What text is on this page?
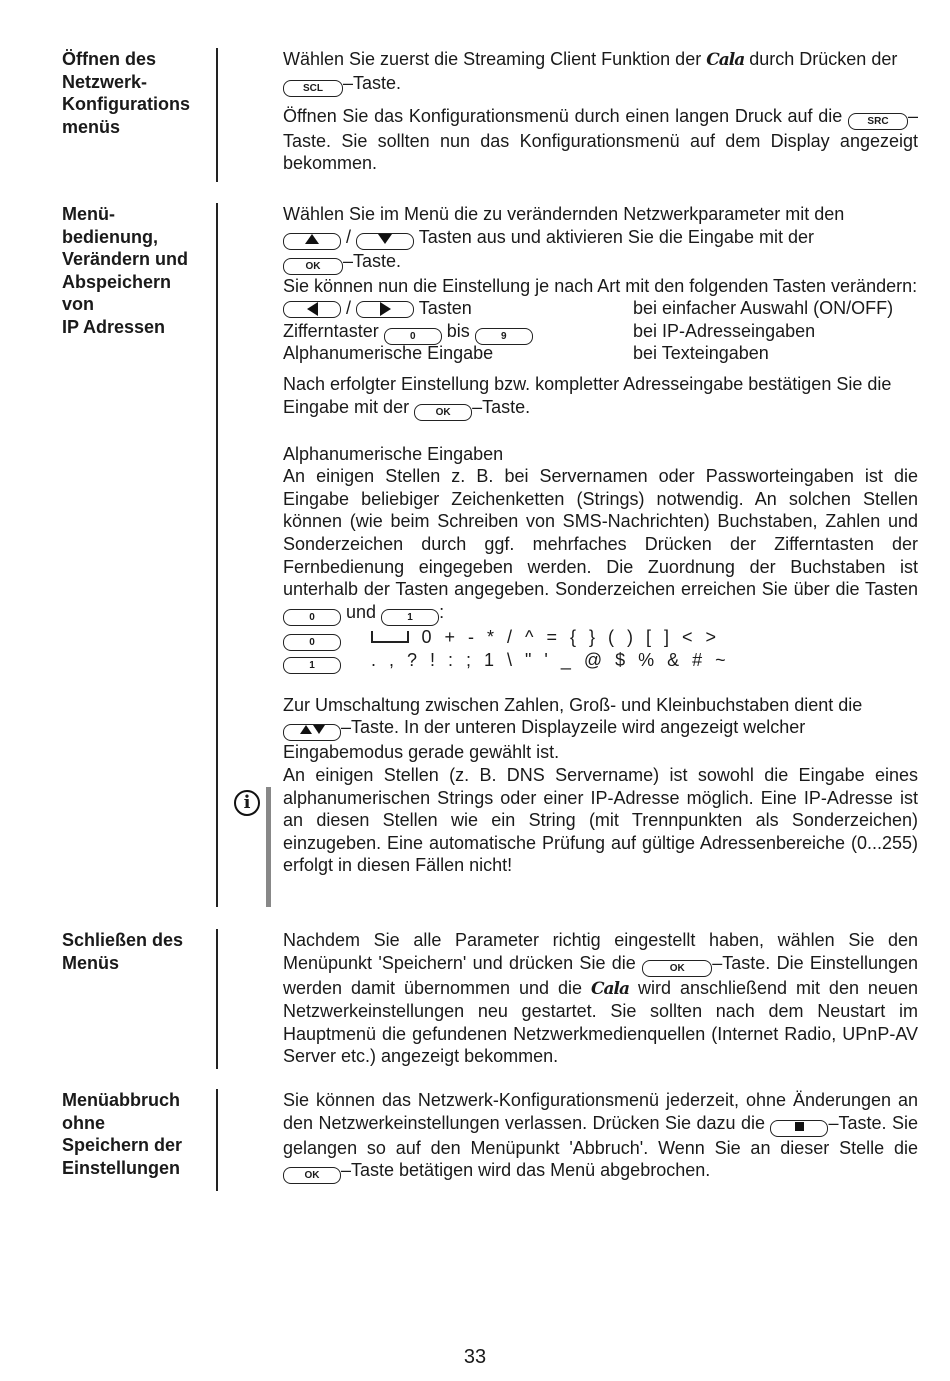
Öffnen des
Netzwerk-
Konfigurations
menüs

Wählen Sie zuerst die Streaming Client Funktion der Cala durch Drücken der
SCL –Taste.

Öffnen Sie das Konfigurationsmenü durch einen langen Druck auf die	SRC –Taste. Sie sollten nun das Konfigurationsmenü auf dem Display angezeigt bekommen.

Menü-
bedienung,
Verändern und
Abspeichern
von
IP Adressen

Wählen Sie im Menü die zu verändernden Netzwerkparameter mit den
/	Tasten aus und aktivieren Sie die Eingabe mit der
OK –Taste.
Sie können nun die Einstellung je nach Art mit den folgenden Tasten verändern:

/	Tasten	bei einfacher Auswahl (ON/OFF)
Zifferntaster	0 bis	9	bei IP-Adresseingaben
Alphanumerische Eingabe	bei Texteingaben

Nach erfolgter Einstellung bzw. kompletter Adresseingabe bestätigen Sie die Eingabe mit der	OK –Taste.

Alphanumerische Eingaben

An einigen Stellen z. B. bei Servernamen oder Passworteingaben ist die Eingabe beliebiger Zeichenketten (Strings) notwendig. An solchen Stellen können (wie beim Schreiben von SMS-Nachrichten) Buchstaben, Zahlen und Sonderzeichen durch ggf. mehrfaches Drücken der Zifferntasten der Fernbedienung eingegeben werden. Die Zuordnung der Buchstaben ist unterhalb der Tasten angegeben. Sonderzeichen erreichen Sie über die Tasten 0 und	1 :

0	0 + - * / ^ = { } ( ) [ ] < >
1	. , ? ! : ; 1 \ " ' _ @ $ % & # ~

Zur Umschaltung zwischen Zahlen, Groß- und Kleinbuchstaben dient die
–Taste. In der unteren Displayzeile wird angezeigt welcher Eingabemodus gerade gewählt ist.

An einigen Stellen (z. B. DNS Servername) ist sowohl die Eingabe eines alphanumerischen Strings oder einer IP-Adresse möglich. Eine IP-Adresse ist an diesen Stellen wie ein String (mit Trennpunkten als Sonderzeichen) einzugeben. Eine automatische Prüfung auf gültige Adressenbereiche (0...255) erfolgt in diesen Fällen nicht!

i
Schließen des
Menüs

Nachdem Sie alle Parameter richtig eingestellt haben, wählen Sie den Menüpunkt 'Speichern' und drücken Sie die	OK –Taste. Die Einstellungen werden damit übernommen und die Cala wird anschließend mit den neuen Netzwerkeinstellungen neu gestartet. Sie sollten nach dem Neustart im Hauptmenü die gefundenen Netzwerkmedienquellen (Internet Radio, UPnP-AV Server etc.) angezeigt bekommen.

Menüabbruch
ohne
Speichern der
Einstellungen

Sie können das Netzwerk-Konfigurationsmenü jederzeit, ohne Änderungen an den Netzwerkeinstellungen verlassen. Drücken Sie dazu die	–Taste. Sie gelangen so auf den Menüpunkt 'Abbruch'. Wenn Sie an dieser Stelle die OK –Taste betätigen wird das Menü abgebrochen.

33
